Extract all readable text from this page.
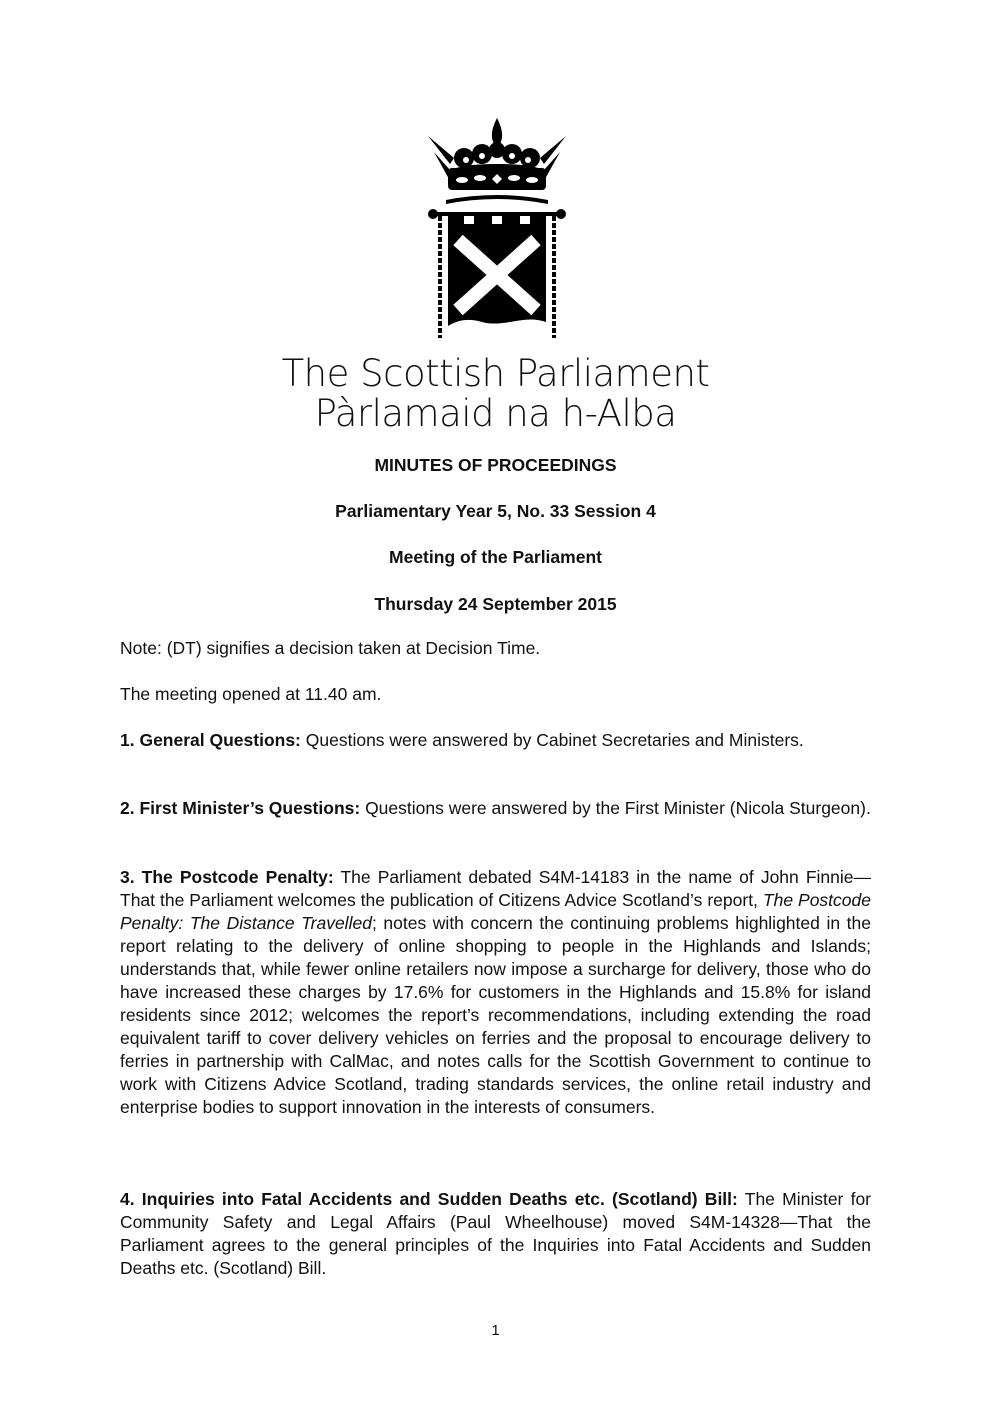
The Scottish Parliament
Pàrlamaid na h-Alba
MINUTES OF PROCEEDINGS
Parliamentary Year 5, No. 33 Session 4
Meeting of the Parliament
Thursday 24 September 2015
Note: (DT) signifies a decision taken at Decision Time.
The meeting opened at 11.40 am.
1. General Questions: Questions were answered by Cabinet Secretaries and Ministers.
2. First Minister’s Questions: Questions were answered by the First Minister (Nicola Sturgeon).
3. The Postcode Penalty: The Parliament debated S4M-14183 in the name of John Finnie—That the Parliament welcomes the publication of Citizens Advice Scotland’s report, The Postcode Penalty: The Distance Travelled; notes with concern the continuing problems highlighted in the report relating to the delivery of online shopping to people in the Highlands and Islands; understands that, while fewer online retailers now impose a surcharge for delivery, those who do have increased these charges by 17.6% for customers in the Highlands and 15.8% for island residents since 2012; welcomes the report’s recommendations, including extending the road equivalent tariff to cover delivery vehicles on ferries and the proposal to encourage delivery to ferries in partnership with CalMac, and notes calls for the Scottish Government to continue to work with Citizens Advice Scotland, trading standards services, the online retail industry and enterprise bodies to support innovation in the interests of consumers.
4. Inquiries into Fatal Accidents and Sudden Deaths etc. (Scotland) Bill: The Minister for Community Safety and Legal Affairs (Paul Wheelhouse) moved S4M-14328—That the Parliament agrees to the general principles of the Inquiries into Fatal Accidents and Sudden Deaths etc. (Scotland) Bill.
1
